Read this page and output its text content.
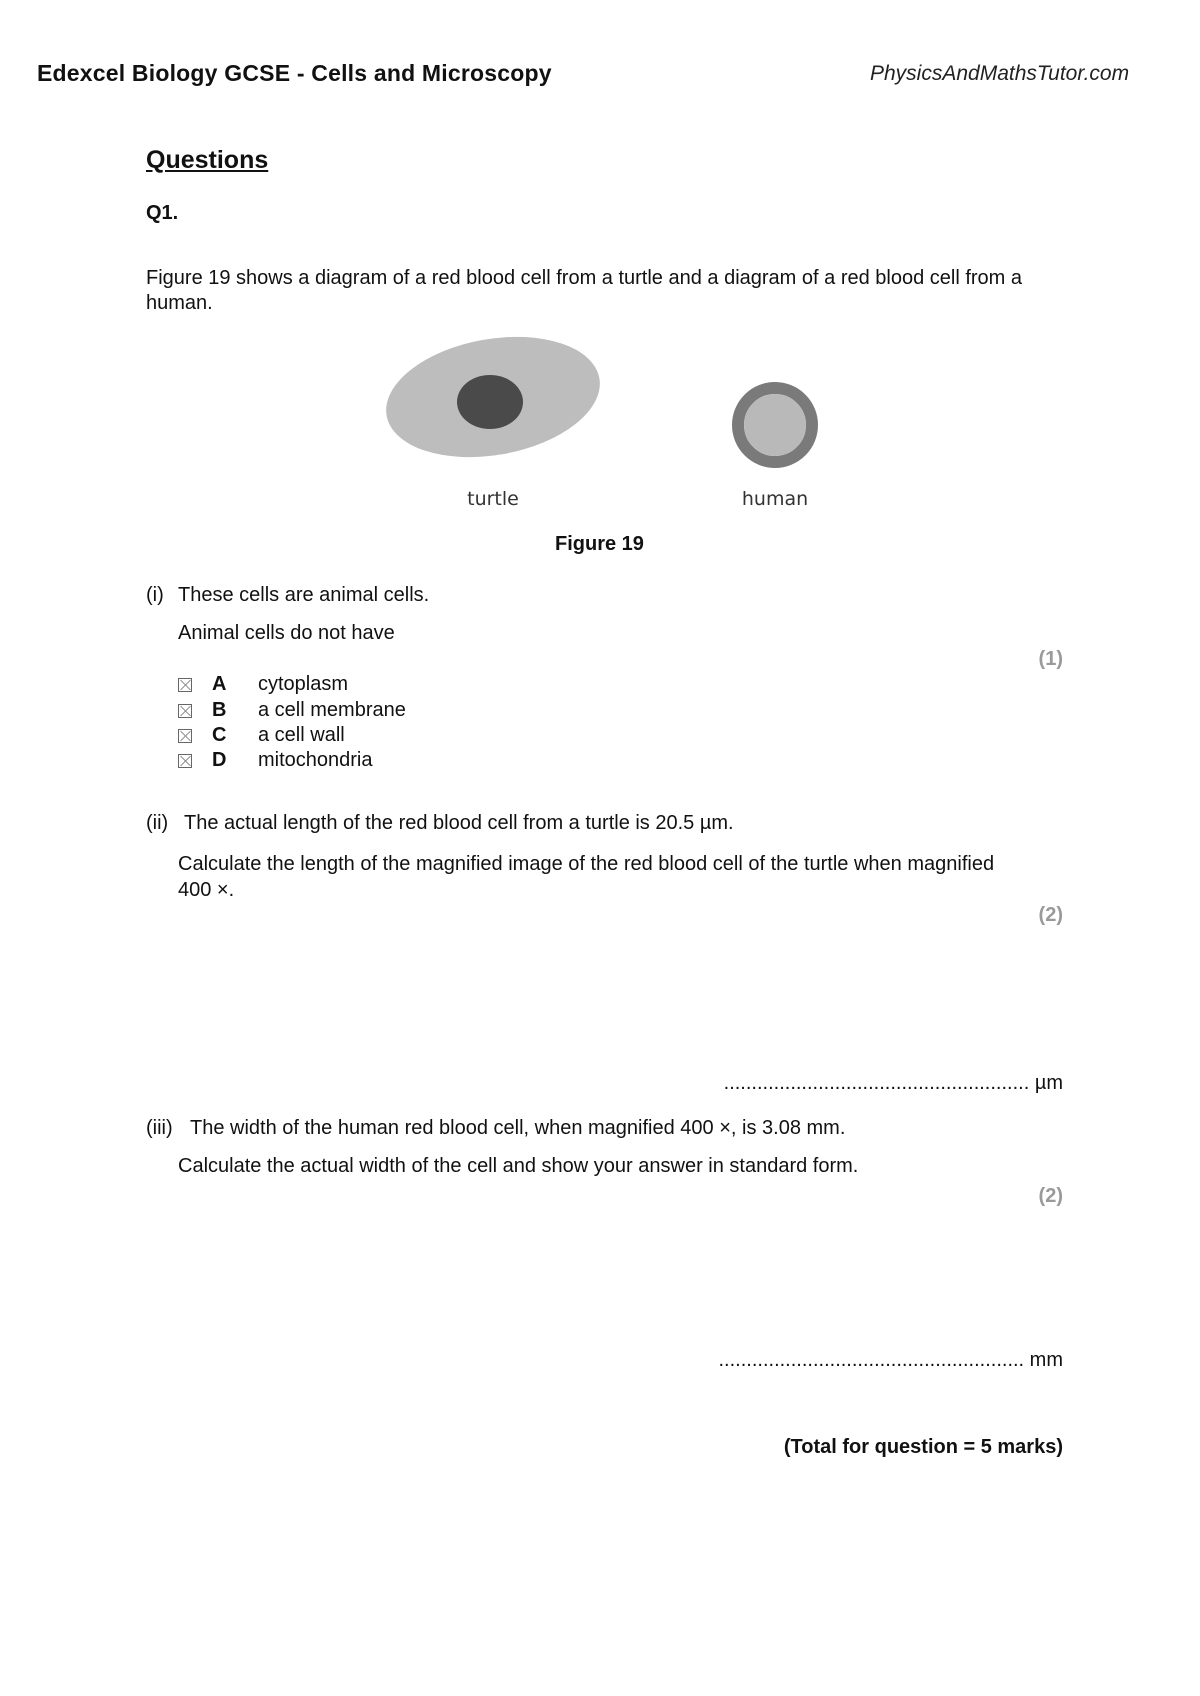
Edexcel Biology GCSE - Cells and Microscopy	PhysicsAndMathsTutor.com
Questions
Q1.
Figure 19 shows a diagram of a red blood cell from a turtle and a diagram of a red blood cell from a human.
turtle	human
Figure 19
(i) These cells are animal cells.
Animal cells do not have
(1)
A	cytoplasm
B	a cell membrane
C	a cell wall
D	mitochondria
(ii) The actual length of the red blood cell from a turtle is 20.5 µm.
Calculate the length of the magnified image of the red blood cell of the turtle when magnified 400 ×.
(2)
....................................................... µm
(iii) The width of the human red blood cell, when magnified 400 ×, is 3.08 mm.
Calculate the actual width of the cell and show your answer in standard form.
(2)
....................................................... mm
(Total for question = 5 marks)
